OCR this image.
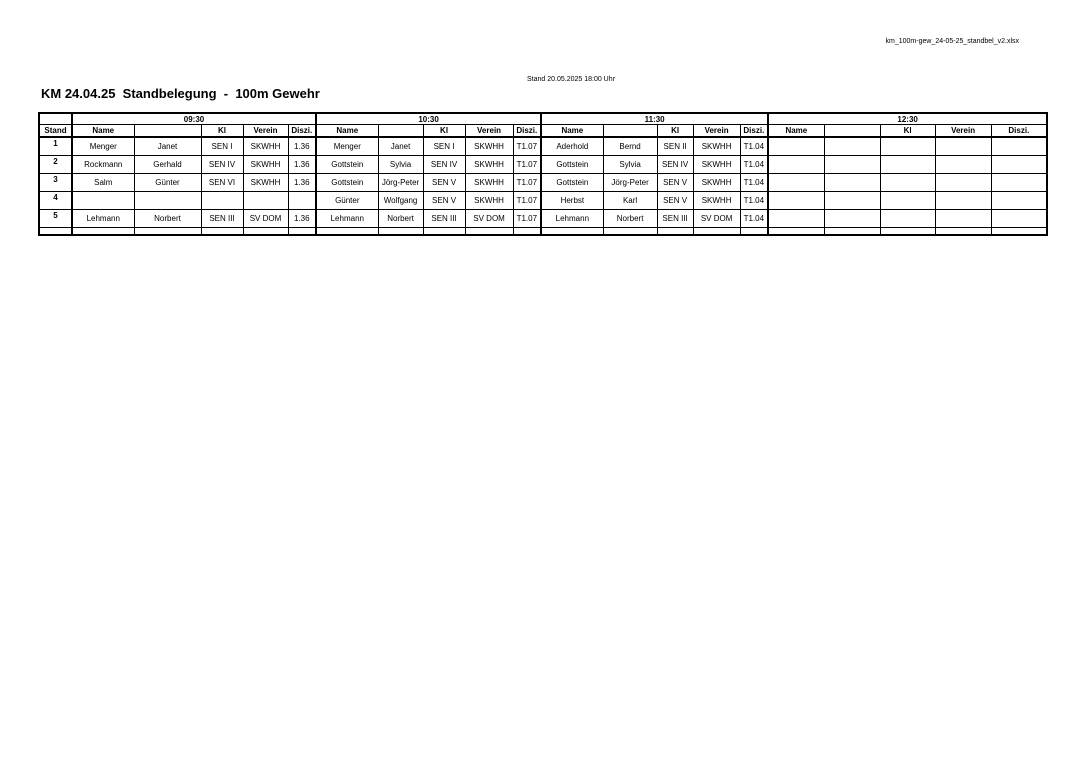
km_100m-gew_24-05-25_standbel_v2.xlsx
Stand 20.05.2025 18:00 Uhr
KM 24.04.25  Standbelegung  -  100m Gewehr
	09:30					10:30					11:30					12:30				
Stand	Name		Kl	Verein	Diszi.	Name		Kl	Verein	Diszi.	Name		Kl	Verein	Diszi.	Name		Kl	Verein	Diszi.
1	Menger	Janet	SEN I	SKWHH	1.36	Menger	Janet	SEN I	SKWHH	T1.07	Aderhold	Bernd	SEN II	SKWHH	T1.04					
2	Rockmann	Gerhald	SEN IV	SKWHH	1.36	Gottstein	Sylvia	SEN IV	SKWHH	T1.07	Gottstein	Sylvia	SEN IV	SKWHH	T1.04					
3	Salm	Günter	SEN VI	SKWHH	1.36	Gottstein	Jörg-Peter	SEN V	SKWHH	T1.07	Gottstein	Jörg-Peter	SEN V	SKWHH	T1.04					
4						Günter	Wolfgang	SEN V	SKWHH	T1.07	Herbst	Karl	SEN V	SKWHH	T1.04					
5	Lehmann	Norbert	SEN III	SV DOM	1.36	Lehmann	Norbert	SEN III	SV DOM	T1.07	Lehmann	Norbert	SEN III	SV DOM	T1.04					
